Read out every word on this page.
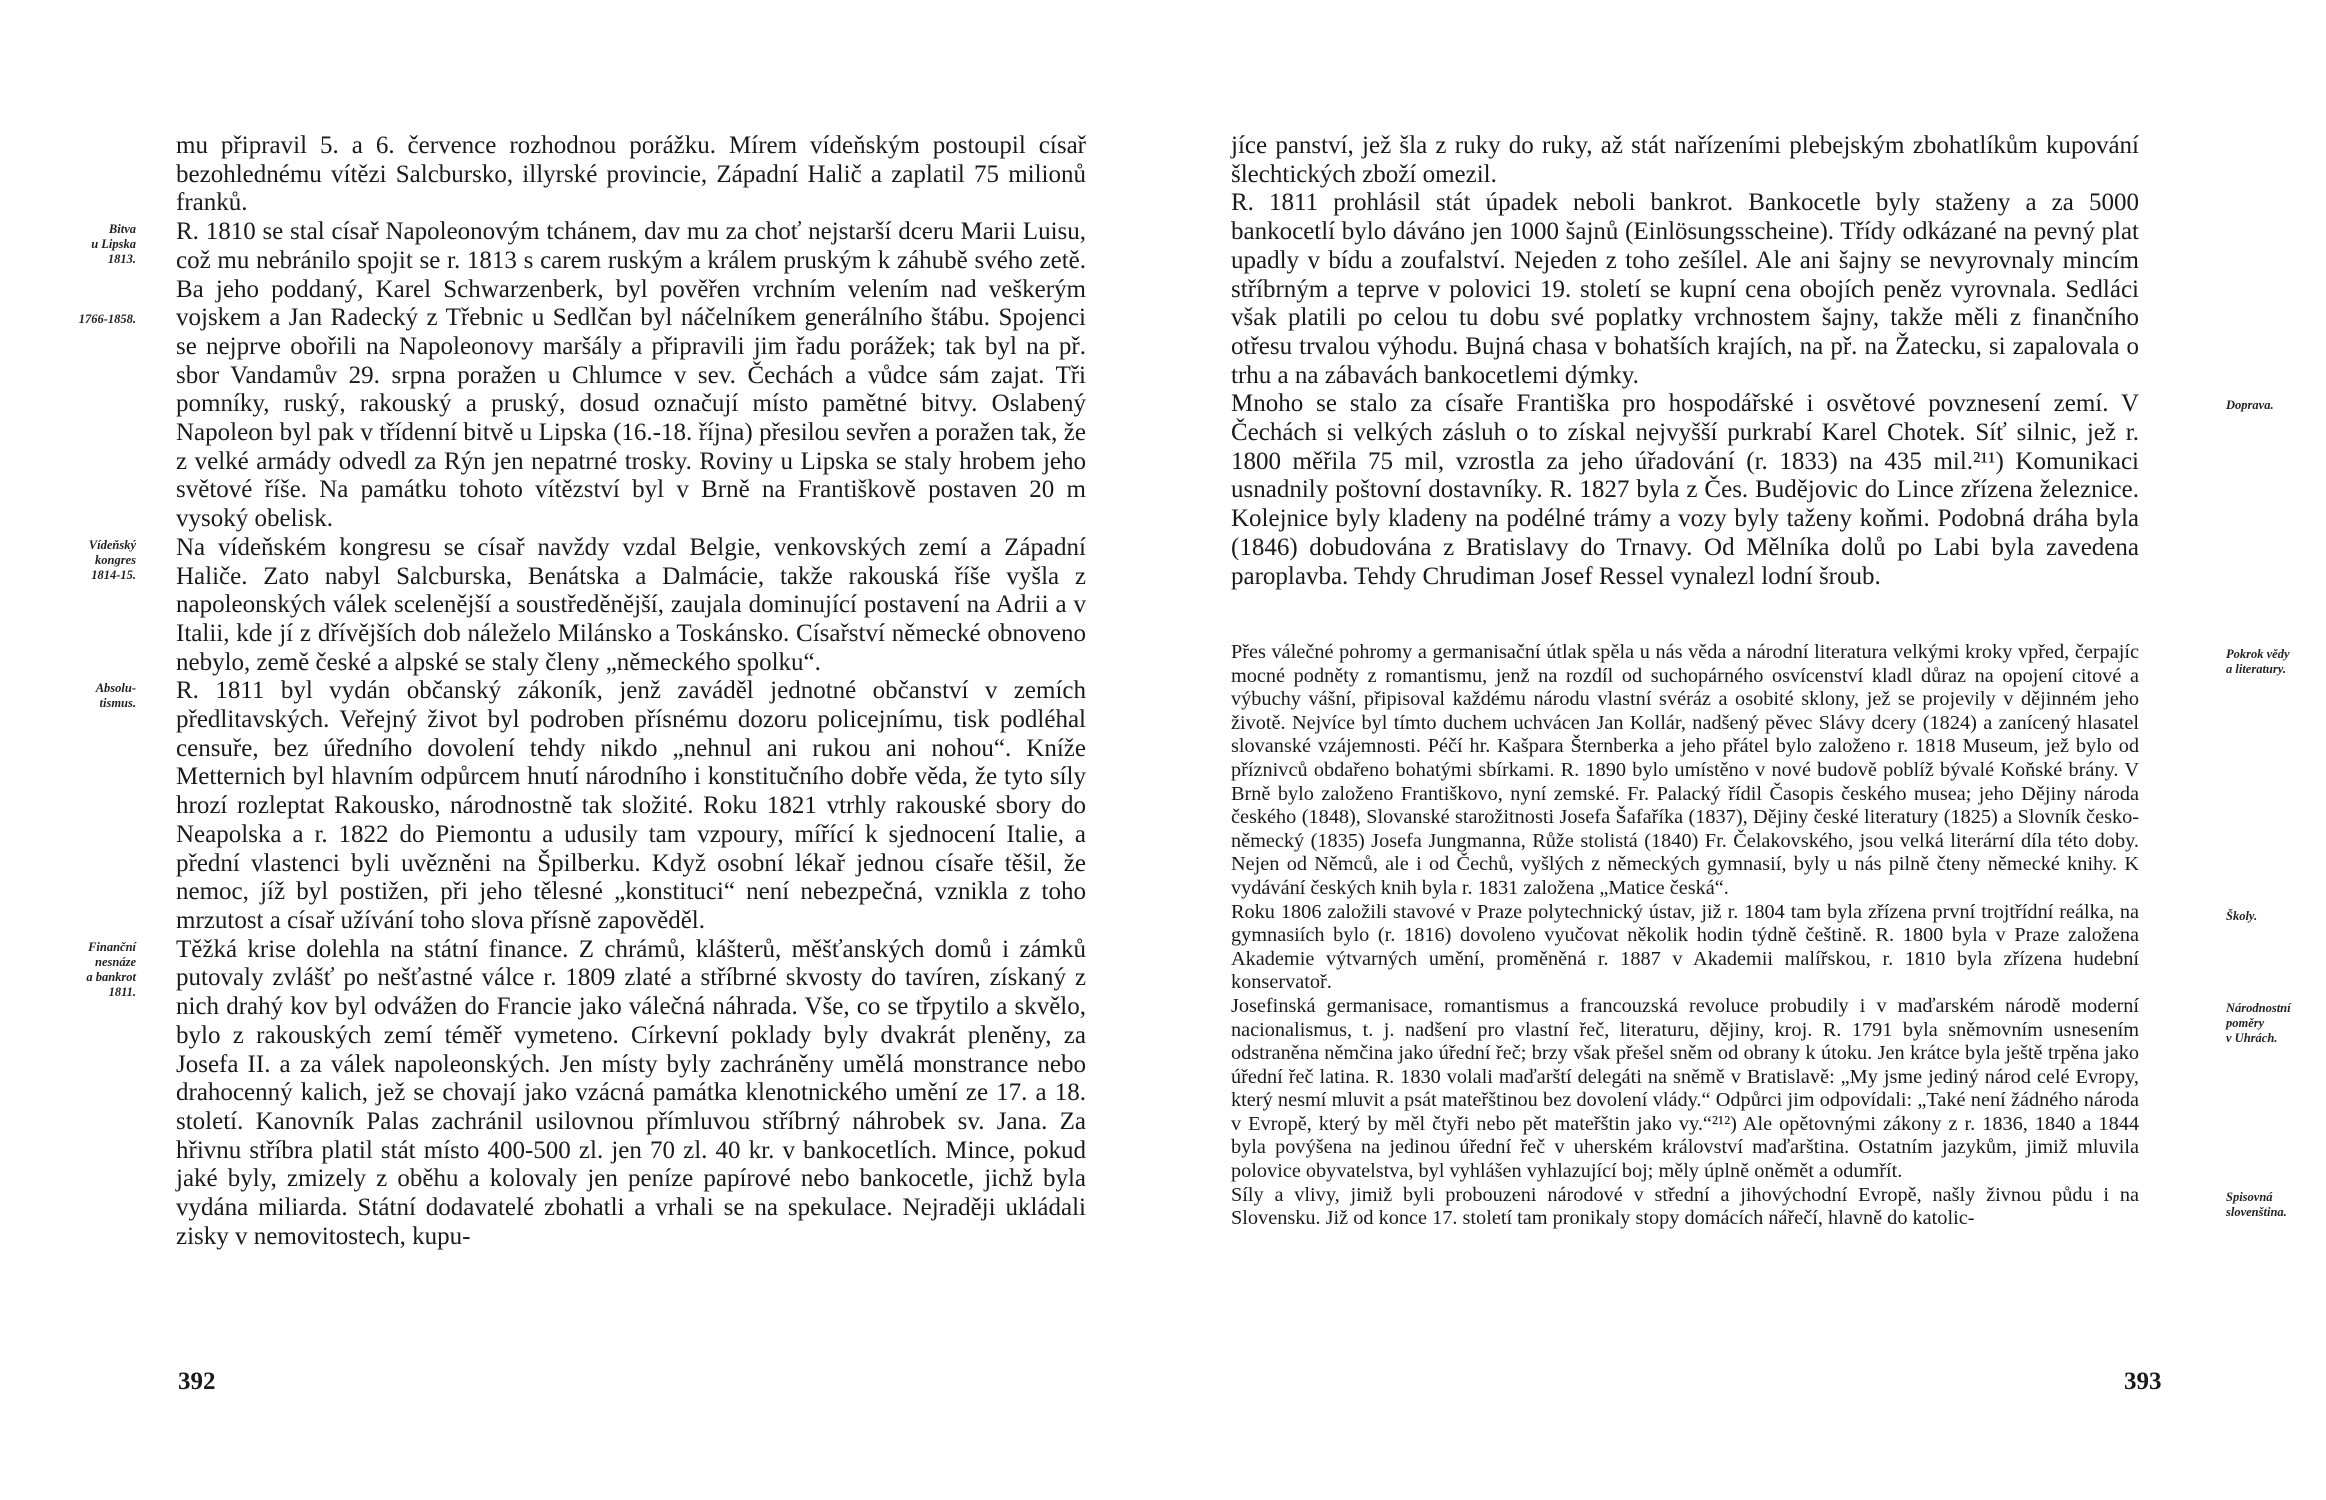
mu připravil 5. a 6. července rozhodnou porážku. Mírem vídeňským postoupil císař bezohlednému vítězi Salcbursko, illyrské provincie, Západní Halič a zaplatil 75 milionů franků.

Bitva
u Lipska
1813.
1766-1858.
R. 1810 se stal císař Napoleonovým tchánem, dav mu za choť nejstarší dceru Marii Luisu, což mu nebránilo spojit se r. 1813 s carem ruským a králem pruským k záhubě svého zetě. Ba jeho poddaný, Karel Schwarzenberk, byl pověřen vrchním velením nad veškerým vojskem a Jan Radecký z Třebnic u Sedlčan byl náčelníkem generálního štábu. Spojenci se nejprve obořili na Napoleonovy maršály a připravili jim řadu porážek; tak byl na př. sbor Vandamův 29. srpna poražen u Chlumce v sev. Čechách a vůdce sám zajat. Tři pomníky, ruský, rakouský a pruský, dosud označují místo pamětné bitvy. Oslabený Napoleon byl pak v třídenní bitvě u Lipska (16.-18. října) přesilou sevřen a poražen tak, že z velké armády odvedl za Rýn jen nepatrné trosky. Roviny u Lipska se staly hrobem jeho světové říše. Na památku tohoto vítězství byl v Brně na Františkově postaven 20 m vysoký obelisk.

Vídeňský
kongres
1814-15.
Na vídeňském kongresu se císař navždy vzdal Belgie, venkovských zemí a Západní Haliče. Zato nabyl Salcburska, Benátska a Dalmácie, takže rakouská říše vyšla z napoleonských válek scelenější a soustředěnější, zaujala dominující postavení na Adrii a v Italii, kde jí z dřívějších dob náleželo Milánsko a Toskánsko. Císařství německé obnoveno nebylo, země české a alpské se staly členy „německého spolku“.

Absolu-
tismus. R. 1811 byl vydán občanský zákoník, jenž zaváděl jednotné občanství v zemích předlitavských. Veřejný život byl podroben přísnému dozoru policejnímu, tisk podléhal censuře, bez úředního dovolení tehdy nikdo „nehnul ani rukou ani nohou“. Kníže Metternich byl hlavním odpůrcem hnutí národního i konstitučního dobře věda, že tyto síly hrozí rozleptat Rakousko, národnostně tak složité. Roku 1821 vtrhly rakouské sbory do Neapolska a r. 1822 do Piemontu a udusily tam vzpoury, mířící k sjednocení Italie, a přední vlastenci byli uvězněni na Špilberku. Když osobní lékař jednou císaře těšil, že nemoc, jíž byl postižen, při jeho tělesné „konstituci“ není nebezpečná, vznikla z toho mrzutost a císař užívání toho slova přísně zapověděl.

Finanční
nesnáze
a bankrot
1811.
Těžká krise dolehla na státní finance. Z chrámů, klášterů, měšťanských domů i zámků putovaly zvlášť po nešťastné válce r. 1809 zlaté a stříbrné skvosty do tavíren, získaný z nich drahý kov byl odvážen do Francie jako válečná náhrada. Vše, co se třpytilo a skvělo, bylo z rakouských zemí téměř vymeteno. Církevní poklady byly dvakrát pleněny, za Josefa II. a za válek napoleonských. Jen místy byly zachráněny umělá monstrance nebo drahocenný kalich, jež se chovají jako vzácná památka klenotnického umění ze 17. a 18. století. Kanovník Palas zachránil usilovnou přímluvou stříbrný náhrobek sv. Jana. Za hřivnu stříbra platil stát místo 400-500 zl. jen 70 zl. 40 kr. v bankocetlích. Mince, pokud jaké byly, zmizely z oběhu a kolovaly jen peníze papírové nebo bankocetle, jichž byla vydána miliarda. Státní dodavatelé zbohatli a vrhali se na spekulace. Nejraději ukládali zisky v nemovitostech, kupu-

392

jíce panství, jež šla z ruky do ruky, až stát nařízeními plebejským zbohatlíkům kupování šlechtických zboží omezil.

R. 1811 prohlásil stát úpadek neboli bankrot. Bankocetle byly staženy a za 5000 bankocetlí bylo dáváno jen 1000 šajnů (Einlösungsscheine). Třídy odkázané na pevný plat upadly v bídu a zoufalství. Nejeden z toho zešílel. Ale ani šajny se nevyrovnaly mincím stříbrným a teprve v polovici 19. století se kupní cena obojích peněz vyrovnala. Sedláci však platili po celou tu dobu své poplatky vrchnostem šajny, takže měli z finančního otřesu trvalou výhodu. Bujná chasa v bohatších krajích, na př. na Žatecku, si zapalovala o trhu a na zábavách bankocetlemi dýmky.

Doprava.
Mnoho se stalo za císaře Františka pro hospodářské i osvětové povznesení zemí. V Čechách si velkých zásluh o to získal nejvyšší purkrabí Karel Chotek. Síť silnic, jež r. 1800 měřila 75 mil, vzrostla za jeho úřadování (r. 1833) na 435 mil.²¹¹) Komunikaci usnadnily poštovní dostavníky. R. 1827 byla z Čes. Budějovic do Lince zřízena železnice. Kolejnice byly kladeny na podélné trámy a vozy byly taženy koňmi. Podobná dráha byla (1846) dobudována z Bratislavy do Trnavy. Od Mělníka dolů po Labi byla zavedena paroplavba. Tehdy Chrudiman Josef Ressel vynalezl lodní šroub.

Pokrok vědy
a literatury.
Přes válečné pohromy a germanisační útlak spěla u nás věda a národní literatura velkými kroky vpřed, čerpajíc mocné podněty z romantismu, jenž na rozdíl od suchopárného osvícenství kladl důraz na opojení citové a výbuchy vášní, připisoval každému národu vlastní svéráz a osobité sklony, jež se projevily v dějinném jeho životě. Nejvíce byl tímto duchem uchvácen Jan Kollár, nadšený pěvec Slávy dcery (1824) a zanícený hlasatel slovanské vzájemnosti. Péčí hr. Kašpara Šternberka a jeho přátel bylo založeno r. 1818 Museum, jež bylo od příznivců obdařeno bohatými sbírkami. R. 1890 bylo umístěno v nové budově poblíž bývalé Koňské brány. V Brně bylo založeno Františkovo, nyní zemské. Fr. Palacký řídil Časopis českého musea; jeho Dějiny národa českého (1848), Slovanské starožitnosti Josefa Šafaříka (1837), Dějiny české literatury (1825) a Slovník česko-německý (1835) Josefa Jungmanna, Růže stolistá (1840) Fr. Čelakovského, jsou velká literární díla této doby. Nejen od Němců, ale i od Čechů, vyšlých z německých gymnasií, byly u nás pilně čteny německé knihy. K vydávání českých knih byla r. 1831 založena „Matice česká“.

Školy.
Roku 1806 založili stavové v Praze polytechnický ústav, již r. 1804 tam byla zřízena první trojtřídní reálka, na gymnasiích bylo (r. 1816) dovoleno vyučovat několik hodin týdně češtině. R. 1800 byla v Praze založena Akademie výtvarných umění, proměněná r. 1887 v Akademii malířskou, r. 1810 byla zřízena hudební konservatoř.

Národnostní
poměry
v Uhrách.
Josefinská germanisace, romantismus a francouzská revoluce probudily i v maďarském národě moderní nacionalismus, t. j. nadšení pro vlastní řeč, literaturu, dějiny, kroj. R. 1791 byla sněmovním usnesením odstraněna němčina jako úřední řeč; brzy však přešel sněm od obrany k útoku. Jen krátce byla ještě trpěna jako úřední řeč latina. R. 1830 volali maďarští delegáti na sněmě v Bratislavě: „My jsme jediný národ celé Evropy, který nesmí mluvit a psát mateřštinou bez dovolení vlády.“ Odpůrci jim odpovídali: „Také není žádného národa v Evropě, který by měl čtyři nebo pět mateřštin jako vy.“²¹²) Ale opětovnými zákony z r. 1836, 1840 a 1844 byla povýšena na jedinou úřední řeč v uherském království maďarština. Ostatním jazykům, jimiž mluvila polovice obyvatelstva, byl vyhlášen vyhlazující boj; měly úplně oněmět a odumřít.

Spisovná
slovenština.
Síly a vlivy, jimiž byli probouzeni národové v střední a jihovýchodní Evropě, našly živnou půdu i na Slovensku. Již od konce 17. století tam pronikaly stopy domácích nářečí, hlavně do katolic-

393
